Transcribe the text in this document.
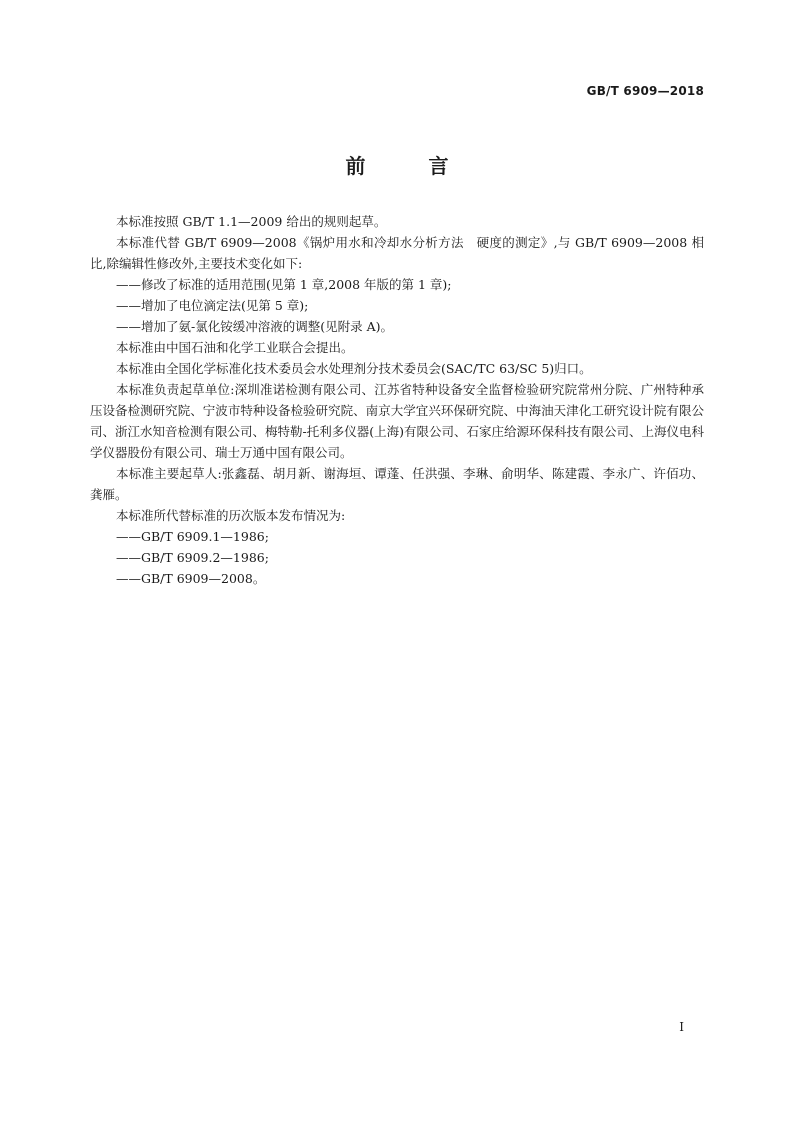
GB/T 6909—2018
前 言

本标准按照 GB/T 1.1—2009 给出的规则起草。

本标准代替 GB/T 6909—2008《锅炉用水和冷却水分析方法　硬度的测定》,与 GB/T 6909—2008 相比,除编辑性修改外,主要技术变化如下:

——修改了标准的适用范围(见第 1 章,2008 年版的第 1 章);

——增加了电位滴定法(见第 5 章);

——增加了氨-氯化铵缓冲溶液的调整(见附录 A)。

本标准由中国石油和化学工业联合会提出。

本标准由全国化学标准化技术委员会水处理剂分技术委员会(SAC/TC 63/SC 5)归口。

本标准负责起草单位:深圳准诺检测有限公司、江苏省特种设备安全监督检验研究院常州分院、广州特种承压设备检测研究院、宁波市特种设备检验研究院、南京大学宜兴环保研究院、中海油天津化工研究设计院有限公司、浙江水知音检测有限公司、梅特勒-托利多仪器(上海)有限公司、石家庄给源环保科技有限公司、上海仪电科学仪器股份有限公司、瑞士万通中国有限公司。

本标准主要起草人:张鑫磊、胡月新、谢海垣、谭蓬、任洪强、李琳、俞明华、陈建霞、李永广、许佰功、龚雁。

本标准所代替标准的历次版本发布情况为:

——GB/T 6909.1—1986;

——GB/T 6909.2—1986;

——GB/T 6909—2008。

I
